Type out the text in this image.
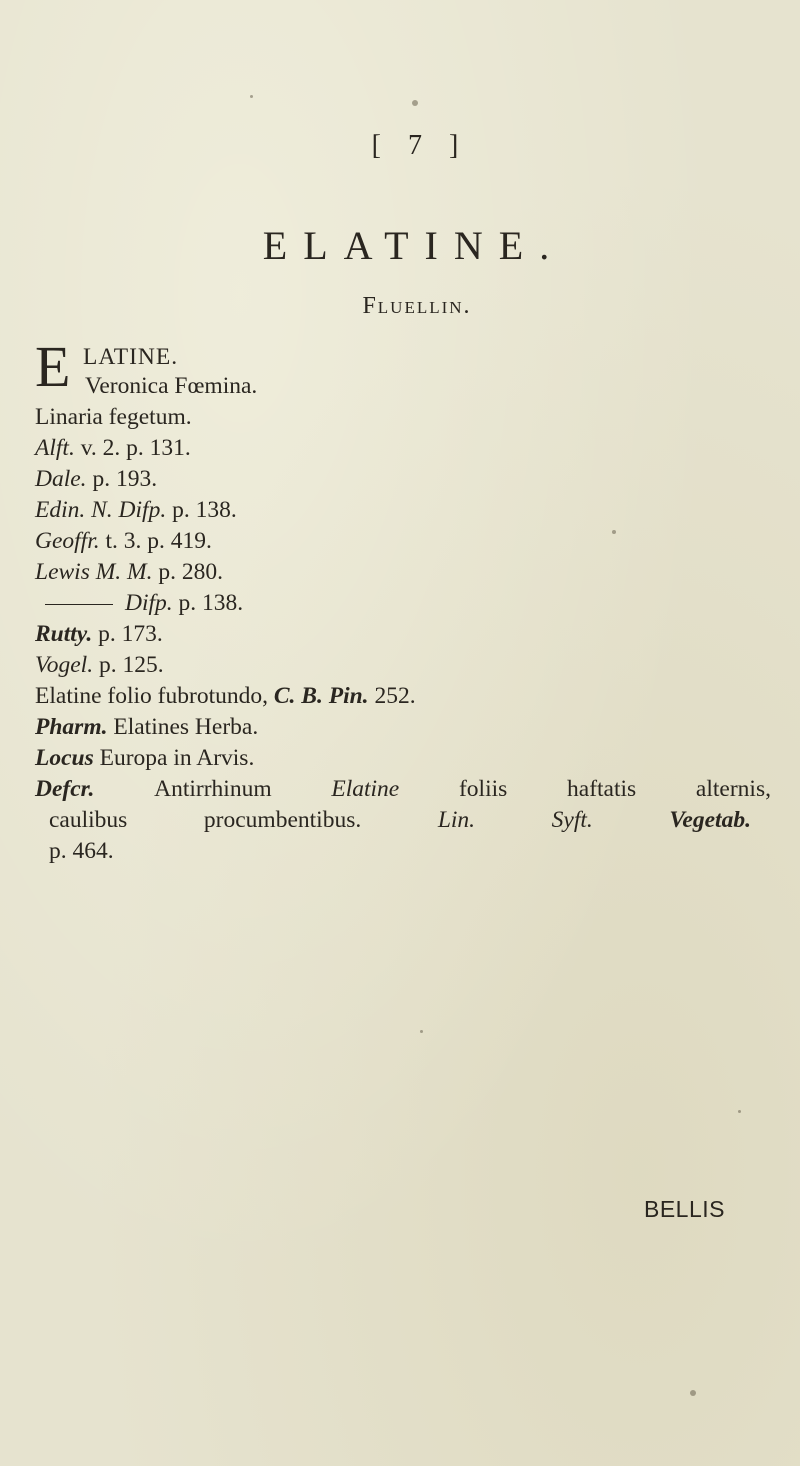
[ 7 ]
ELATINE.
Fluellin.
E LATINE.
Veronica Fœmina.
Linaria fegetum.
Alft. v. 2. p. 131.
Dale. p. 193.
Edin. N. Difp. p. 138.
Geoffr. t. 3. p. 419.
Lewis M. M. p. 280.
Difp. p. 138.
Rutty. p. 173.
Vogel. p. 125.
Elatine folio fubrotundo, C. B. Pin. 252.
Pharm. Elatines Herba.
Locus Europa in Arvis.
Defcr.	Antirrhinum	Elatine	foliis	haftatis	alternis,
caulibus	procumbentibus.	Lin.	Syft.	Vegetab.
p. 464.
BELLIS
